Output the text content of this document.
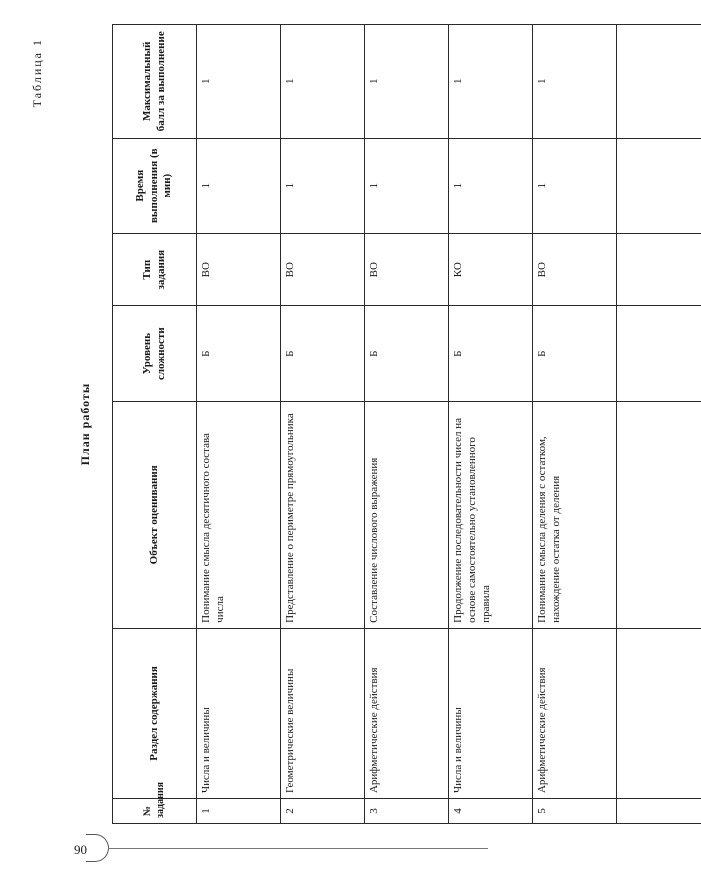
Таблица 1
План работы
№ задания	Раздел содержания	Объект оценивания	Уровень сложности	Тип задания	Время выполнения (в мин)	Максимальный балл за выполнение
1	Числа и величины	Понимание смысла десятичного состава числа	Б	ВО	1	1
2	Геометрические величины	Представление о периметре прямоугольника	Б	ВО	1	1
3	Арифметические действия	Составление числового выражения	Б	ВО	1	1
4	Числа и величины	Продолжение последовательности чисел на основе самостоятельно установленного правила	Б	КО	1	1
5	Арифметические действия	Понимание смысла деления с остатком, нахождение остатка от деления	Б	ВО	1	1

90
